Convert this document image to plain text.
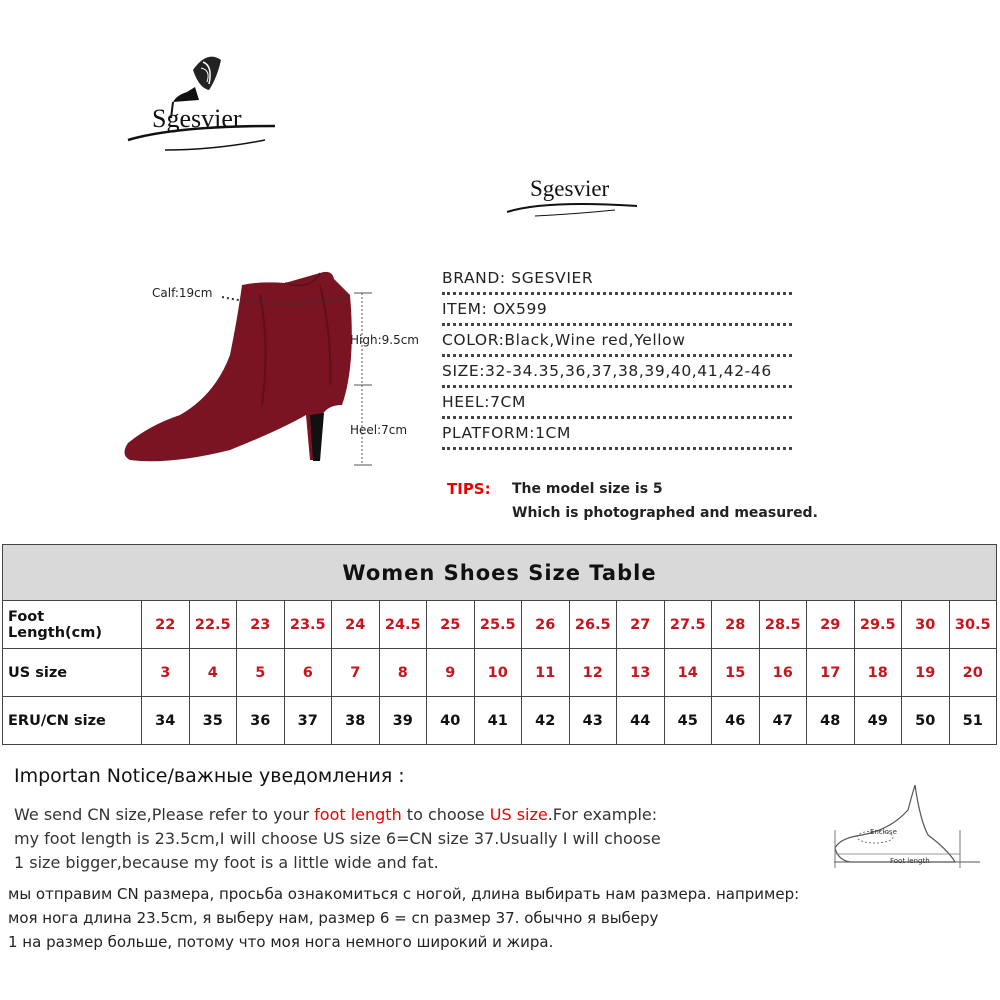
Sgesvier
Sgesvier
Calf:19cm
High:9.5cm
Heel:7cm
BRAND: SGESVIER
ITEM: OX599
COLOR:Black,Wine red,Yellow
SIZE:32-34.35,36,37,38,39,40,41,42-46
HEEL:7CM
PLATFORM:1CM
TIPS: The model size is 5
Which is photographed and measured.
Women Shoes Size Table																		
Foot Length(cm)	22	22.5	23	23.5	24	24.5	25	25.5	26	26.5	27	27.5	28	28.5	29	29.5	30	30.5
US size	3	4	5	6	7	8	9	10	11	12	13	14	15	16	17	18	19	20
ERU/CN size	34	35	36	37	38	39	40	41	42	43	44	45	46	47	48	49	50	51
Importan Notice/важные уведомления :
We send CN size,Please refer to your foot length to choose US size.For example:
my foot length is 23.5cm,I will choose US size 6=CN size 37.Usually I will choose
1 size bigger,because my foot is a little wide and fat.
мы отправим CN размера, просьба ознакомиться с ногой, длина выбирать нам размера. например:
моя нога длина 23.5cm, я выберу нам, размер 6 = cn размер 37. обычно я выберу
1 на размер больше, потому что моя нога немного широкий и жира.
Enclose
Foot length
